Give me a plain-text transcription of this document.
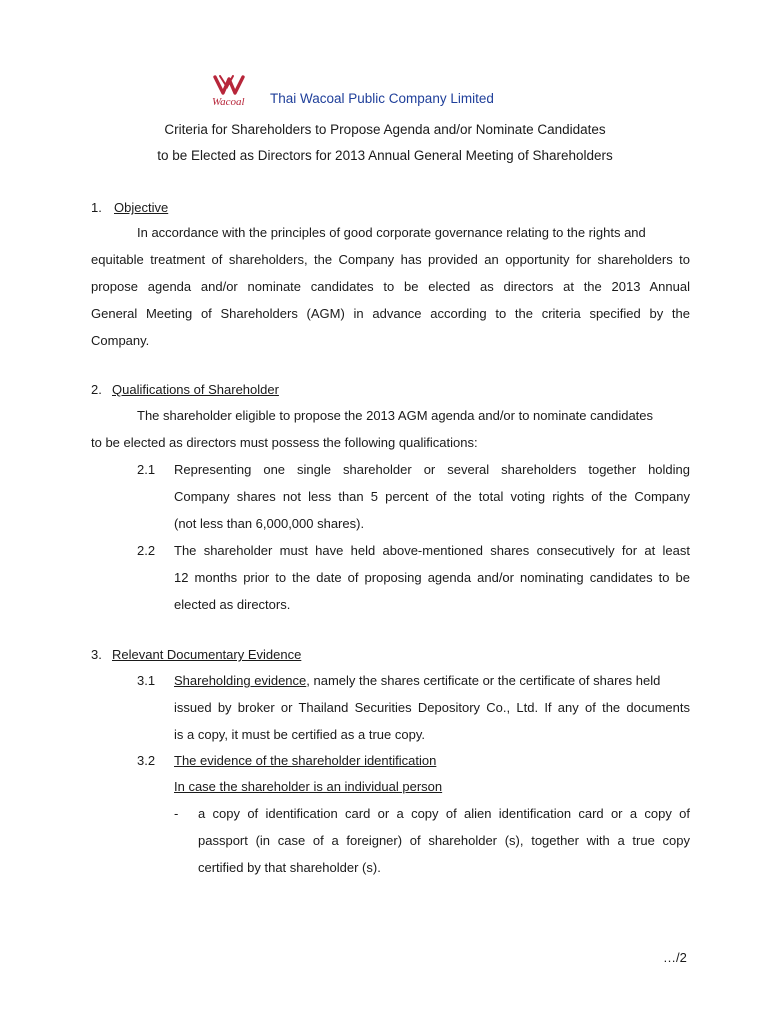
Wacoal Thai Wacoal Public Company Limited
Criteria for Shareholders to Propose Agenda and/or Nominate Candidates
to be Elected as Directors for 2013 Annual General Meeting of Shareholders
1. Objective
In accordance with the principles of good corporate governance relating to the rights and
equitable treatment of shareholders, the Company has provided an opportunity for shareholders to
propose agenda and/or nominate candidates to be elected as directors at the 2013 Annual
General Meeting of Shareholders (AGM) in advance according to the criteria specified by the
Company.
2. Qualifications of Shareholder
The shareholder eligible to propose the 2013 AGM agenda and/or to nominate candidates
to be elected as directors must possess the following qualifications:
2.1 Representing one single shareholder or several shareholders together holding
Company shares not less than 5 percent of the total voting rights of the Company
(not less than 6,000,000 shares).
2.2 The shareholder must have held above-mentioned shares consecutively for at least
12 months prior to the date of proposing agenda and/or nominating candidates to be
elected as directors.
3. Relevant Documentary Evidence
3.1 Shareholding evidence, namely the shares certificate or the certificate of shares held
issued by broker or Thailand Securities Depository Co., Ltd. If any of the documents
is a copy, it must be certified as a true copy.
3.2 The evidence of the shareholder identification
In case the shareholder is an individual person
- a copy of identification card or a copy of alien identification card or a copy of
passport (in case of a foreigner) of shareholder (s), together with a true copy
certified by that shareholder (s).
…/2
